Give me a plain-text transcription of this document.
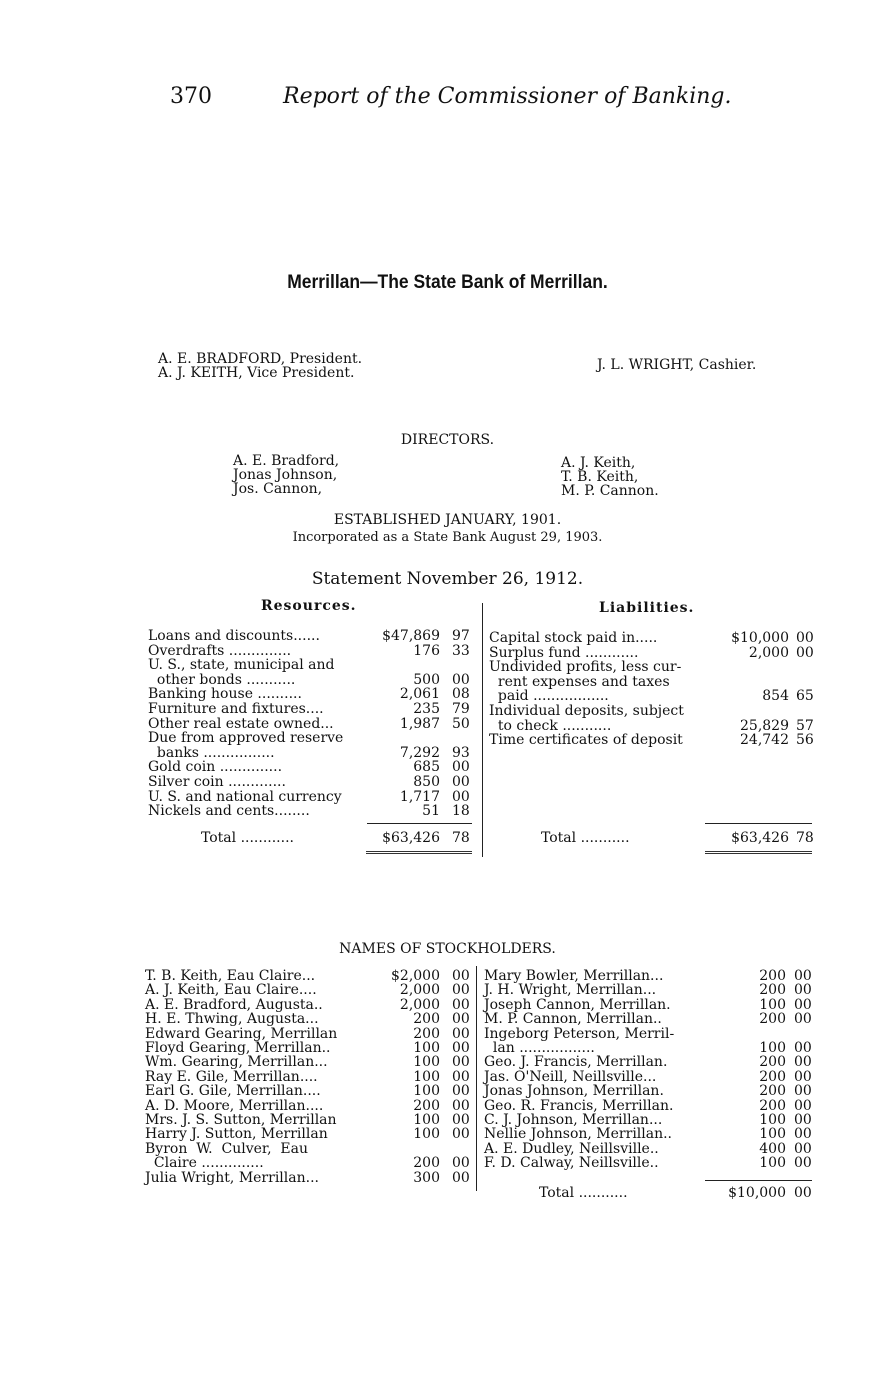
370	Report of the Commissioner of Banking.
Merrillan—The State Bank of Merrillan.
A. E. BRADFORD, President.
A. J. KEITH, Vice President.	J. L. WRIGHT, Cashier.
DIRECTORS.
A. E. Bradford,
Jonas Johnson,
Jos. Cannon,
A. J. Keith,
T. B. Keith,
M. P. Cannon.
ESTABLISHED JANUARY, 1901.
Incorporated as a State Bank August 29, 1903.
Statement November 26, 1912.
Resources.	Liabilities.
Loans and discounts......	$47,869 97
Overdrafts ..............	176 33
U. S., state, municipal and
other bonds ...........	500 00
Banking house ..........	2,061 08
Furniture and fixtures....	235 79
Other real estate owned...	1,987 50
Due from approved reserve
banks ................	7,292 93
Gold coin ..............	685 00
Silver coin .............	850 00
U. S. and national currency	1,717 00
Nickels and cents........	51 18
Capital stock paid in.....	$10,000 00
Surplus fund ............	2,000 00
Undivided profits, less cur-
rent expenses and taxes
paid .................	854 65
Individual deposits, subject
to check ...........	25,829 57
Time certificates of deposit	24,742 56
Total ............	$63,426 78	Total ...........	$63,426 78
NAMES OF STOCKHOLDERS.
T. B. Keith, Eau Claire...	$2,000 00
A. J. Keith, Eau Claire....	2,000 00
A. E. Bradford, Augusta..	2,000 00
H. E. Thwing, Augusta...	200 00
Edward Gearing, Merrillan	200 00
Floyd Gearing, Merrillan..	100 00
Wm. Gearing, Merrillan...	100 00
Ray E. Gile, Merrillan....	100 00
Earl G. Gile, Merrillan....	100 00
A. D. Moore, Merrillan....	200 00
Mrs. J. S. Sutton, Merrillan	100 00
Harry J. Sutton, Merrillan	100 00
Byron  W.  Culver,  Eau
Claire ..............	200 00
Julia Wright, Merrillan...	300 00
Mary Bowler, Merrillan...	200 00
J. H. Wright, Merrillan...	200 00
Joseph Cannon, Merrillan.	100 00
M. P. Cannon, Merrillan..	200 00
Ingeborg Peterson, Merril-
lan .................	100 00
Geo. J. Francis, Merrillan.	200 00
Jas. O'Neill, Neillsville...	200 00
Jonas Johnson, Merrillan.	200 00
Geo. R. Francis, Merrillan.	200 00
C. J. Johnson, Merrillan...	100 00
Nellie Johnson, Merrillan..	100 00
A. E. Dudley, Neillsville..	400 00
F. D. Calway, Neillsville..	100 00
Total ...........	$10,000 00
